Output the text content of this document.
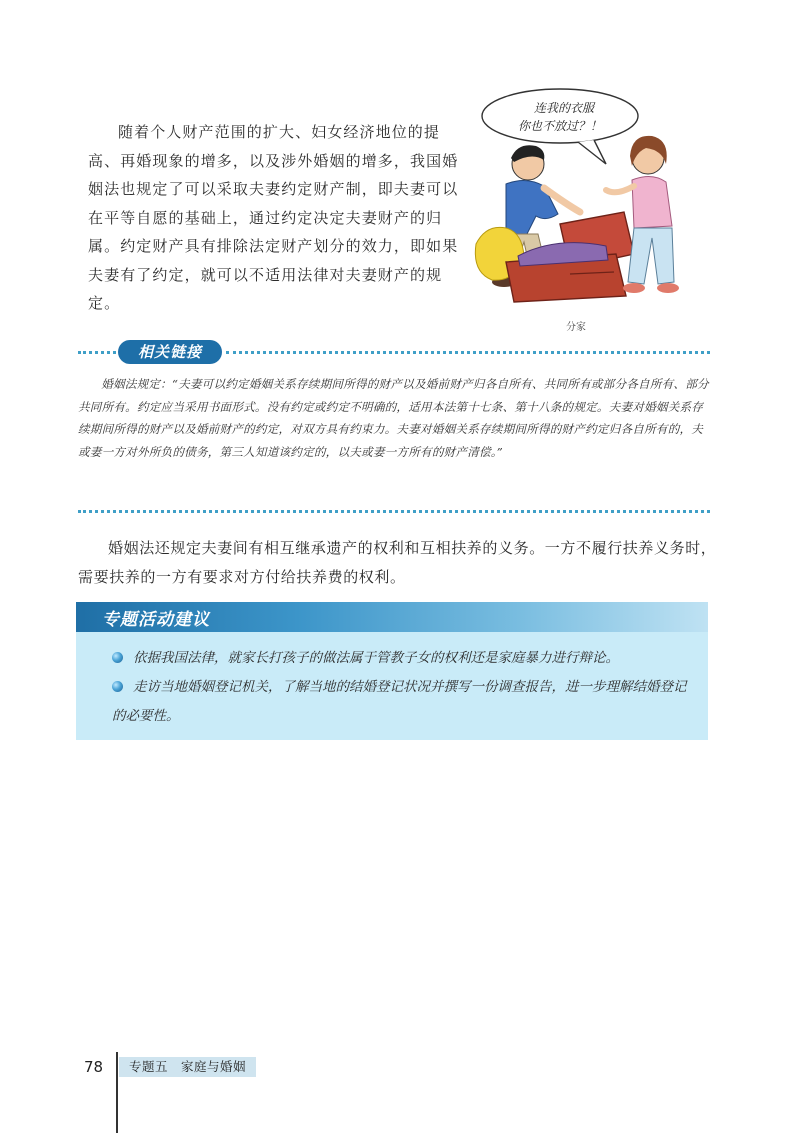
随着个人财产范围的扩大、妇女经济地位的提高、再婚现象的增多，以及涉外婚姻的增多，我国婚姻法也规定了可以采取夫妻约定财产制，即夫妻可以在平等自愿的基础上，通过约定决定夫妻财产的归属。约定财产具有排除法定财产划分的效力，即如果夫妻有了约定，就可以不适用法律对夫妻财产的规定。

连我的衣服
你也不放过？！
分家
相关链接

婚姻法规定：“夫妻可以约定婚姻关系存续期间所得的财产以及婚前财产归各自所有、共同所有或部分各自所有、部分共同所有。约定应当采用书面形式。没有约定或约定不明确的，适用本法第十七条、第十八条的规定。夫妻对婚姻关系存续期间所得的财产以及婚前财产的约定，对双方具有约束力。夫妻对婚姻关系存续期间所得的财产约定归各自所有的，夫或妻一方对外所负的债务，第三人知道该约定的，以夫或妻一方所有的财产清偿。”

婚姻法还规定夫妻间有相互继承遗产的权利和互相扶养的义务。一方不履行扶养义务时，需要扶养的一方有要求对方付给扶养费的权利。

专题活动建议

依据我国法律，就家长打孩子的做法属于管教子女的权利还是家庭暴力进行辩论。

走访当地婚姻登记机关，了解当地的结婚登记状况并撰写一份调查报告，进一步理解结婚登记的必要性。

78	专题五　家庭与婚姻
